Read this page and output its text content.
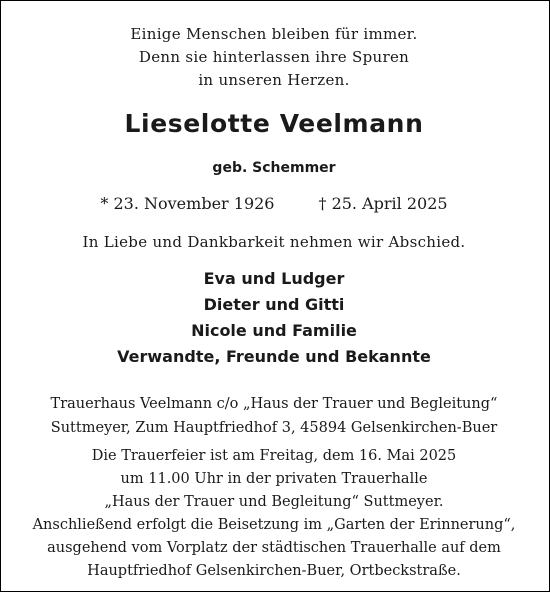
Einige Menschen bleiben für immer.
Denn sie hinterlassen ihre Spuren
in unseren Herzen.
Lieselotte Veelmann
geb. Schemmer
* 23. November 1926	† 25. April 2025
In Liebe und Dankbarkeit nehmen wir Abschied.
Eva und Ludger
Dieter und Gitti
Nicole und Familie
Verwandte, Freunde und Bekannte
Trauerhaus Veelmann c/o „Haus der Trauer und Begleitung“
Suttmeyer, Zum Hauptfriedhof 3, 45894 Gelsenkirchen-Buer
Die Trauerfeier ist am Freitag, dem 16. Mai 2025
um 11.00 Uhr in der privaten Trauerhalle
„Haus der Trauer und Begleitung“ Suttmeyer.
Anschließend erfolgt die Beisetzung im „Garten der Erinnerung“,
ausgehend vom Vorplatz der städtischen Trauerhalle auf dem
Hauptfriedhof Gelsenkirchen-Buer, Ortbeckstraße.
